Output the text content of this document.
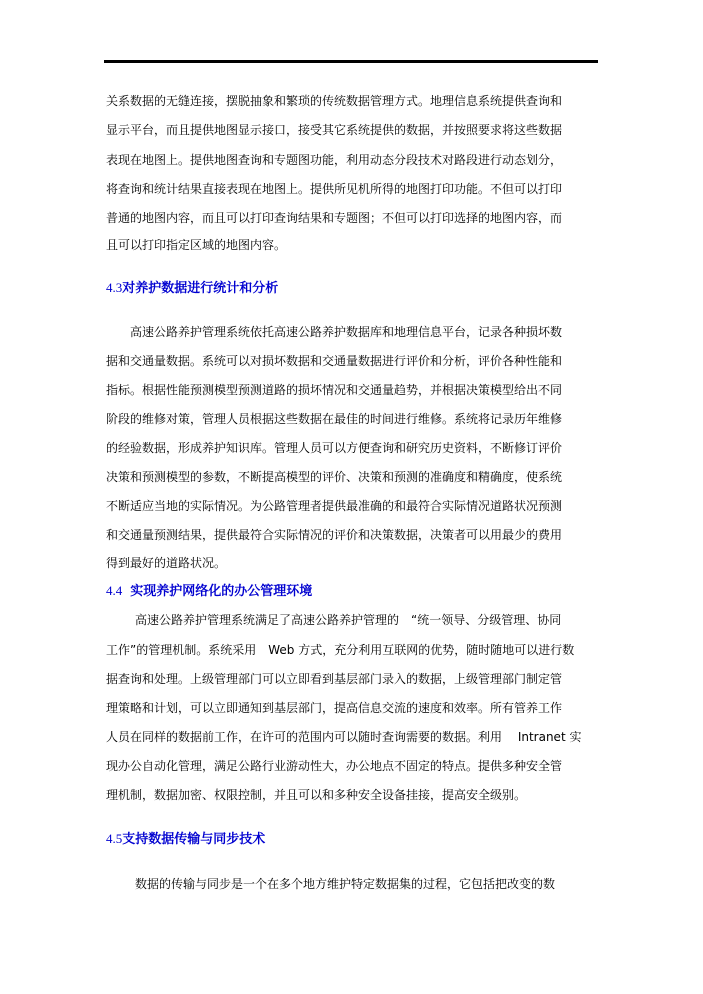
关系数据的无缝连接，摆脱抽象和繁琐的传统数据管理方式。地理信息系统提供查询和
显示平台，而且提供地图显示接口，接受其它系统提供的数据，并按照要求将这些数据
表现在地图上。提供地图查询和专题图功能，利用动态分段技术对路段进行动态划分，
将查询和统计结果直接表现在地图上。提供所见机所得的地图打印功能。不但可以打印
普通的地图内容，而且可以打印查询结果和专题图；不但可以打印选择的地图内容，而
且可以打印指定区域的地图内容。
4.3对养护数据进行统计和分析
高速公路养护管理系统依托高速公路养护数据库和地理信息平台，记录各种损坏数
据和交通量数据。系统可以对损坏数据和交通量数据进行评价和分析，评价各种性能和
指标。根据性能预测模型预测道路的损坏情况和交通量趋势，并根据决策模型给出不同
阶段的维修对策，管理人员根据这些数据在最佳的时间进行维修。系统将记录历年维修
的经验数据，形成养护知识库。管理人员可以方便查询和研究历史资料，不断修订评价
决策和预测模型的参数，不断提高模型的评价、决策和预测的准确度和精确度，使系统
不断适应当地的实际情况。为公路管理者提供最准确的和最符合实际情况道路状况预测
和交通量预测结果，提供最符合实际情况的评价和决策数据，决策者可以用最少的费用
得到最好的道路状况。
4.4 实现养护网络化的办公管理环境
高速公路养护管理系统满足了高速公路养护管理的　“统一领导、分级管理、协同
工作”的管理机制。系统采用　Web 方式，充分利用互联网的优势，随时随地可以进行数
据查询和处理。上级管理部门可以立即看到基层部门录入的数据，上级管理部门制定管
理策略和计划，可以立即通知到基层部门，提高信息交流的速度和效率。所有管养工作
人员在同样的数据前工作，在许可的范围内可以随时查询需要的数据。利用　 Intranet 实
现办公自动化管理，满足公路行业游动性大，办公地点不固定的特点。提供多种安全管
理机制，数据加密、权限控制，并且可以和多种安全设备挂接，提高安全级别。
4.5支持数据传输与同步技术
数据的传输与同步是一个在多个地方维护特定数据集的过程，它包括把改变的数
